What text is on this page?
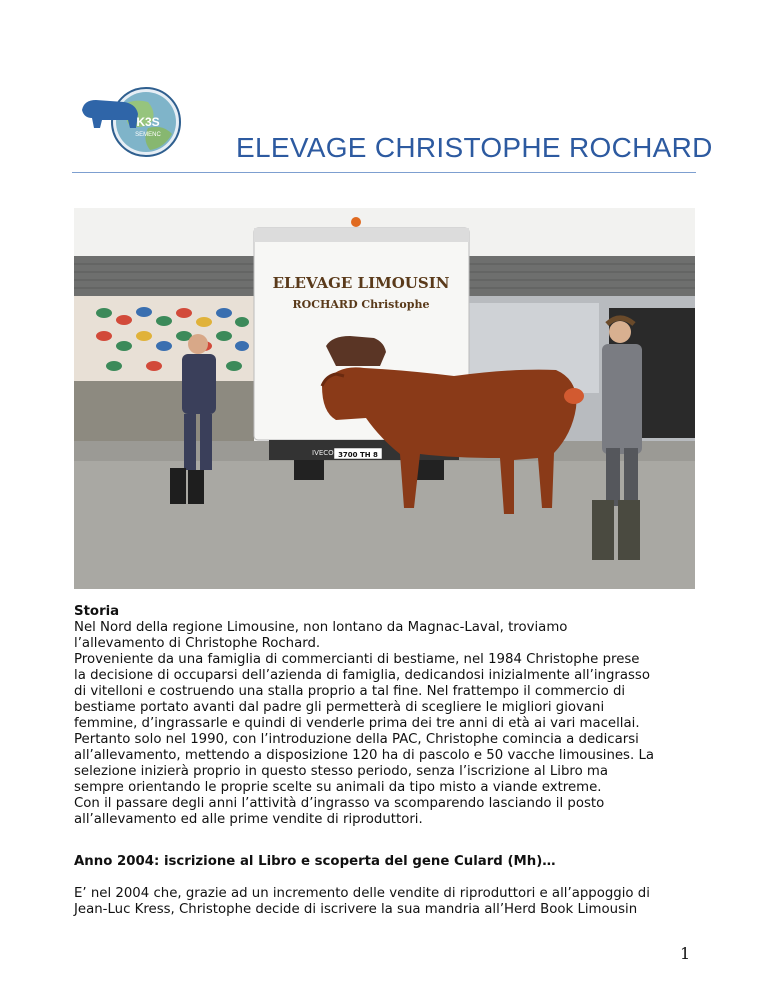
K3S
SEMENC	ELEVAGE CHRISTOPHE ROCHARD
ELEVAGE LIMOUSIN
ROCHARD Christophe
IVECO 3700 TH 8
Storia
Nel Nord della regione Limousine, non lontano da Magnac-Laval, troviamo
l’allevamento di Christophe Rochard.
Proveniente da una famiglia di commercianti di bestiame, nel 1984 Christophe prese
la decisione di occuparsi dell’azienda di famiglia, dedicandosi inizialmente all’ingrasso
di vitelloni e costruendo una stalla proprio a tal fine. Nel frattempo il commercio di
bestiame portato avanti dal padre gli permetterà di scegliere le migliori giovani
femmine, d’ingrassarle e quindi di venderle prima dei tre anni di età ai vari macellai.
Pertanto solo nel 1990, con l’introduzione della PAC, Christophe comincia a dedicarsi
all’allevamento, mettendo a disposizione 120 ha di pascolo e 50 vacche limousines. La
selezione inizierà proprio in questo stesso periodo, senza l’iscrizione al Libro ma
sempre orientando le proprie scelte su animali da tipo misto a viande extreme.
Con il passare degli anni l’attività d’ingrasso va scomparendo lasciando il posto
all’allevamento ed alle prime vendite di riproduttori.
Anno 2004: iscrizione al Libro e scoperta del gene Culard (Mh)…
E’ nel 2004 che, grazie ad un incremento delle vendite di riproduttori e all’appoggio di
Jean-Luc Kress, Christophe decide di iscrivere la sua mandria all’Herd Book Limousin
1
